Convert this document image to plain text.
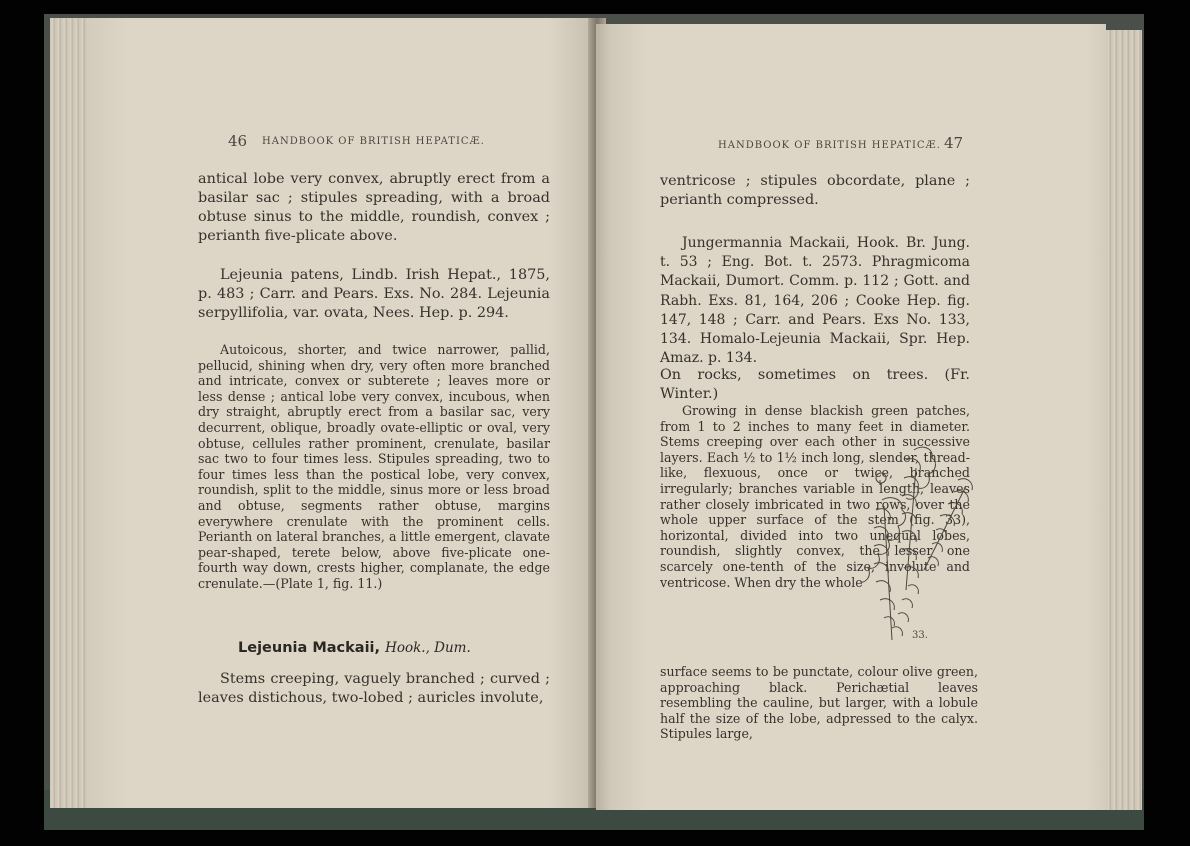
46 HANDBOOK OF BRITISH HEPATICÆ.

antical lobe very convex, abruptly erect from a basilar sac ; stipules spreading, with a broad obtuse sinus to the middle, roundish, convex ; perianth five-plicate above.

Lejeunia patens, Lindb. Irish Hepat., 1875, p. 483 ; Carr. and Pears. Exs. No. 284. Lejeunia serpyllifolia, var. ovata, Nees. Hep. p. 294.

Autoicous, shorter, and twice narrower, pallid, pellucid, shining when dry, very often more branched and intricate, convex or subterete ; leaves more or less dense ; antical lobe very convex, incubous, when dry straight, abruptly erect from a basilar sac, very decurrent, oblique, broadly ovate-elliptic or oval, very obtuse, cellules rather prominent, crenulate, basilar sac two to four times less. Stipules spreading, two to four times less than the postical lobe, very convex, roundish, split to the middle, sinus more or less broad and obtuse, segments rather obtuse, margins everywhere crenulate with the prominent cells. Perianth on lateral branches, a little emergent, clavate pear-shaped, terete below, above five-plicate one-fourth way down, crests higher, complanate, the edge crenulate.—(Plate 1, fig. 11.)

Lejeunia Mackaii, Hook., Dum.

Stems creeping, vaguely branched ; curved ; leaves distichous, two-lobed ; auricles involute,

HANDBOOK OF BRITISH HEPATICÆ. 47

ventricose ; stipules obcordate, plane ; perianth compressed.

Jungermannia Mackaii, Hook. Br. Jung. t. 53 ; Eng. Bot. t. 2573. Phragmicoma Mackaii, Dumort. Comm. p. 112 ; Gott. and Rabh. Exs. 81, 164, 206 ; Cooke Hep. fig. 147, 148 ; Carr. and Pears. Exs No. 133, 134. Homalo-Lejeunia Mackaii, Spr. Hep. Amaz. p. 134.

On rocks, sometimes on trees. (Fr. Winter.)

Growing in dense blackish green patches, from 1 to 2 inches to many feet in diameter. Stems creeping over each other in successive layers. Each ½ to 1½ inch long, slender, thread-like, flexuous, once or twice, branched irregularly; branches variable in length, leaves rather closely imbricated in two rows, over the whole upper surface of the stem (fig. 33), horizontal, divided into two unequal lobes, roundish, slightly convex, the lesser one scarcely one-tenth of the size, involute and ventricose. When dry the whole

surface seems to be punctate, colour olive green, approaching black. Perichætial leaves resembling the cauline, but larger, with a lobule half the size of the lobe, adpressed to the calyx. Stipules large,

33.
